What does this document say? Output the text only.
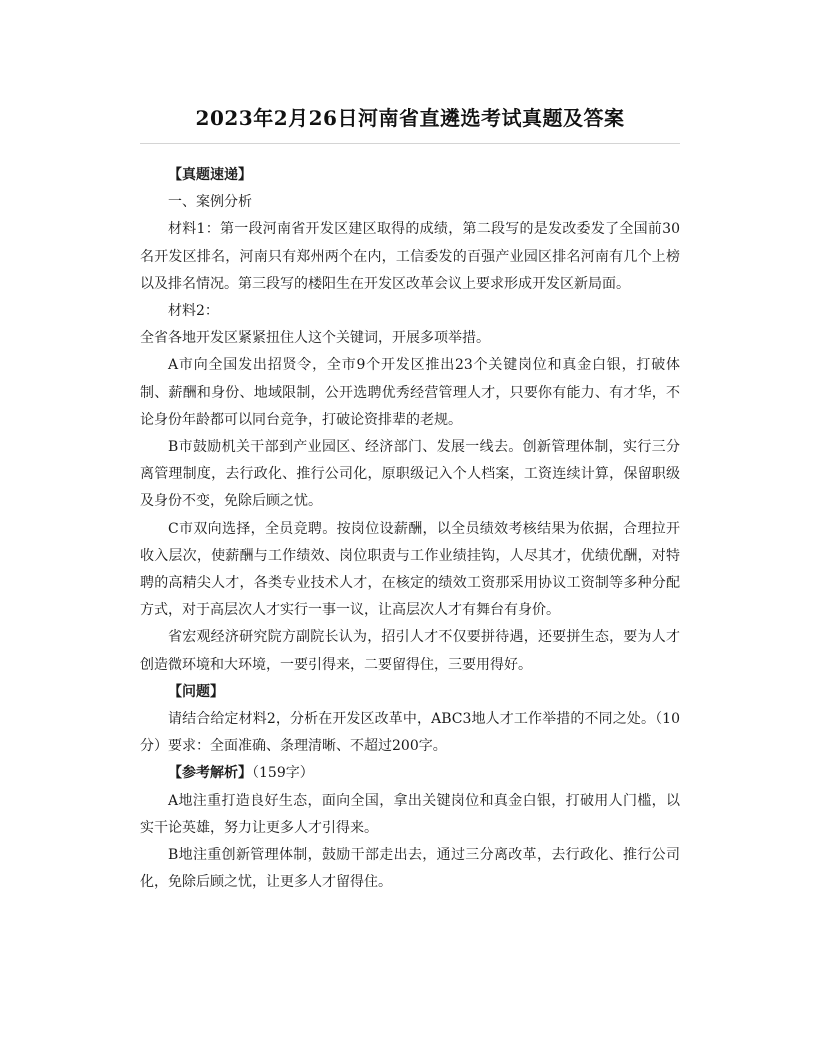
2023年2月26日河南省直遴选考试真题及答案

【真题速递】

一、案例分析

材料1：第一段河南省开发区建区取得的成绩，第二段写的是发改委发了全国前30名开发区排名，河南只有郑州两个在内，工信委发的百强产业园区排名河南有几个上榜以及排名情况。第三段写的楼阳生在开发区改革会议上要求形成开发区新局面。

材料2：

全省各地开发区紧紧扭住人这个关键词，开展多项举措。

A市向全国发出招贤令，全市9个开发区推出23个关键岗位和真金白银，打破体制、薪酬和身份、地域限制，公开选聘优秀经营管理人才，只要你有能力、有才华，不论身份年龄都可以同台竞争，打破论资排辈的老规。

B市鼓励机关干部到产业园区、经济部门、发展一线去。创新管理体制，实行三分离管理制度，去行政化、推行公司化，原职级记入个人档案，工资连续计算，保留职级及身份不变，免除后顾之忧。

C市双向选择，全员竞聘。按岗位设薪酬，以全员绩效考核结果为依据，合理拉开收入层次，使薪酬与工作绩效、岗位职责与工作业绩挂钩，人尽其才，优绩优酬，对特聘的高精尖人才，各类专业技术人才，在核定的绩效工资那采用协议工资制等多种分配方式，对于高层次人才实行一事一议，让高层次人才有舞台有身价。

省宏观经济研究院方副院长认为，招引人才不仅要拼待遇，还要拼生态，要为人才创造微环境和大环境，一要引得来，二要留得住，三要用得好。

【问题】

请结合给定材料2，分析在开发区改革中，ABC3地人才工作举措的不同之处。（10分）要求：全面准确、条理清晰、不超过200字。

【参考解析】（159字）

A地注重打造良好生态，面向全国，拿出关键岗位和真金白银，打破用人门槛，以实干论英雄，努力让更多人才引得来。

B地注重创新管理体制，鼓励干部走出去，通过三分离改革，去行政化、推行公司化，免除后顾之忧，让更多人才留得住。
